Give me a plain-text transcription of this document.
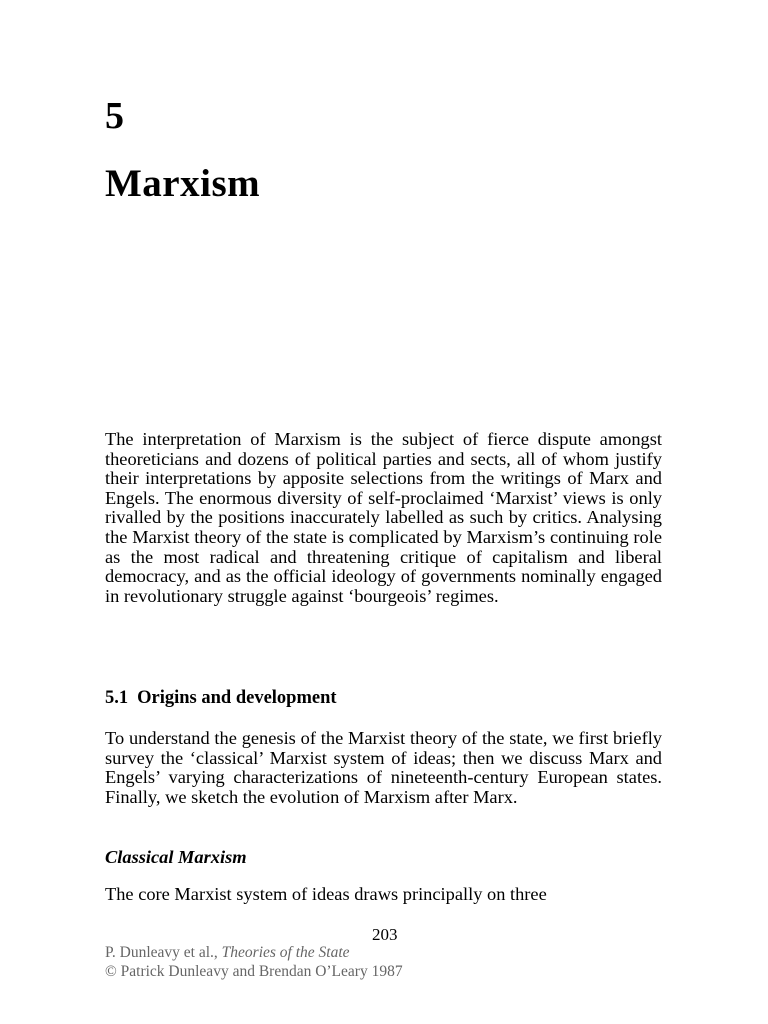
5
Marxism

The interpretation of Marxism is the subject of fierce dispute amongst theoreticians and dozens of political parties and sects, all of whom justify their interpretations by apposite selections from the writings of Marx and Engels. The enormous diversity of self-proclaimed ‘Marxist’ views is only rivalled by the positions inaccurately labelled as such by critics. Analysing the Marxist theory of the state is complicated by Marxism’s continuing role as the most radical and threatening critique of capitalism and liberal democracy, and as the official ideology of governments nominally engaged in revolutionary struggle against ‘bourgeois’ regimes.

5.1 Origins and development

To understand the genesis of the Marxist theory of the state, we first briefly survey the ‘classical’ Marxist system of ideas; then we discuss Marx and Engels’ varying characterizations of nineteenth-century European states. Finally, we sketch the evolution of Marxism after Marx.

Classical Marxism

The core Marxist system of ideas draws principally on three

203

P. Dunleavy et al., Theories of the State

© Patrick Dunleavy and Brendan O’Leary 1987
